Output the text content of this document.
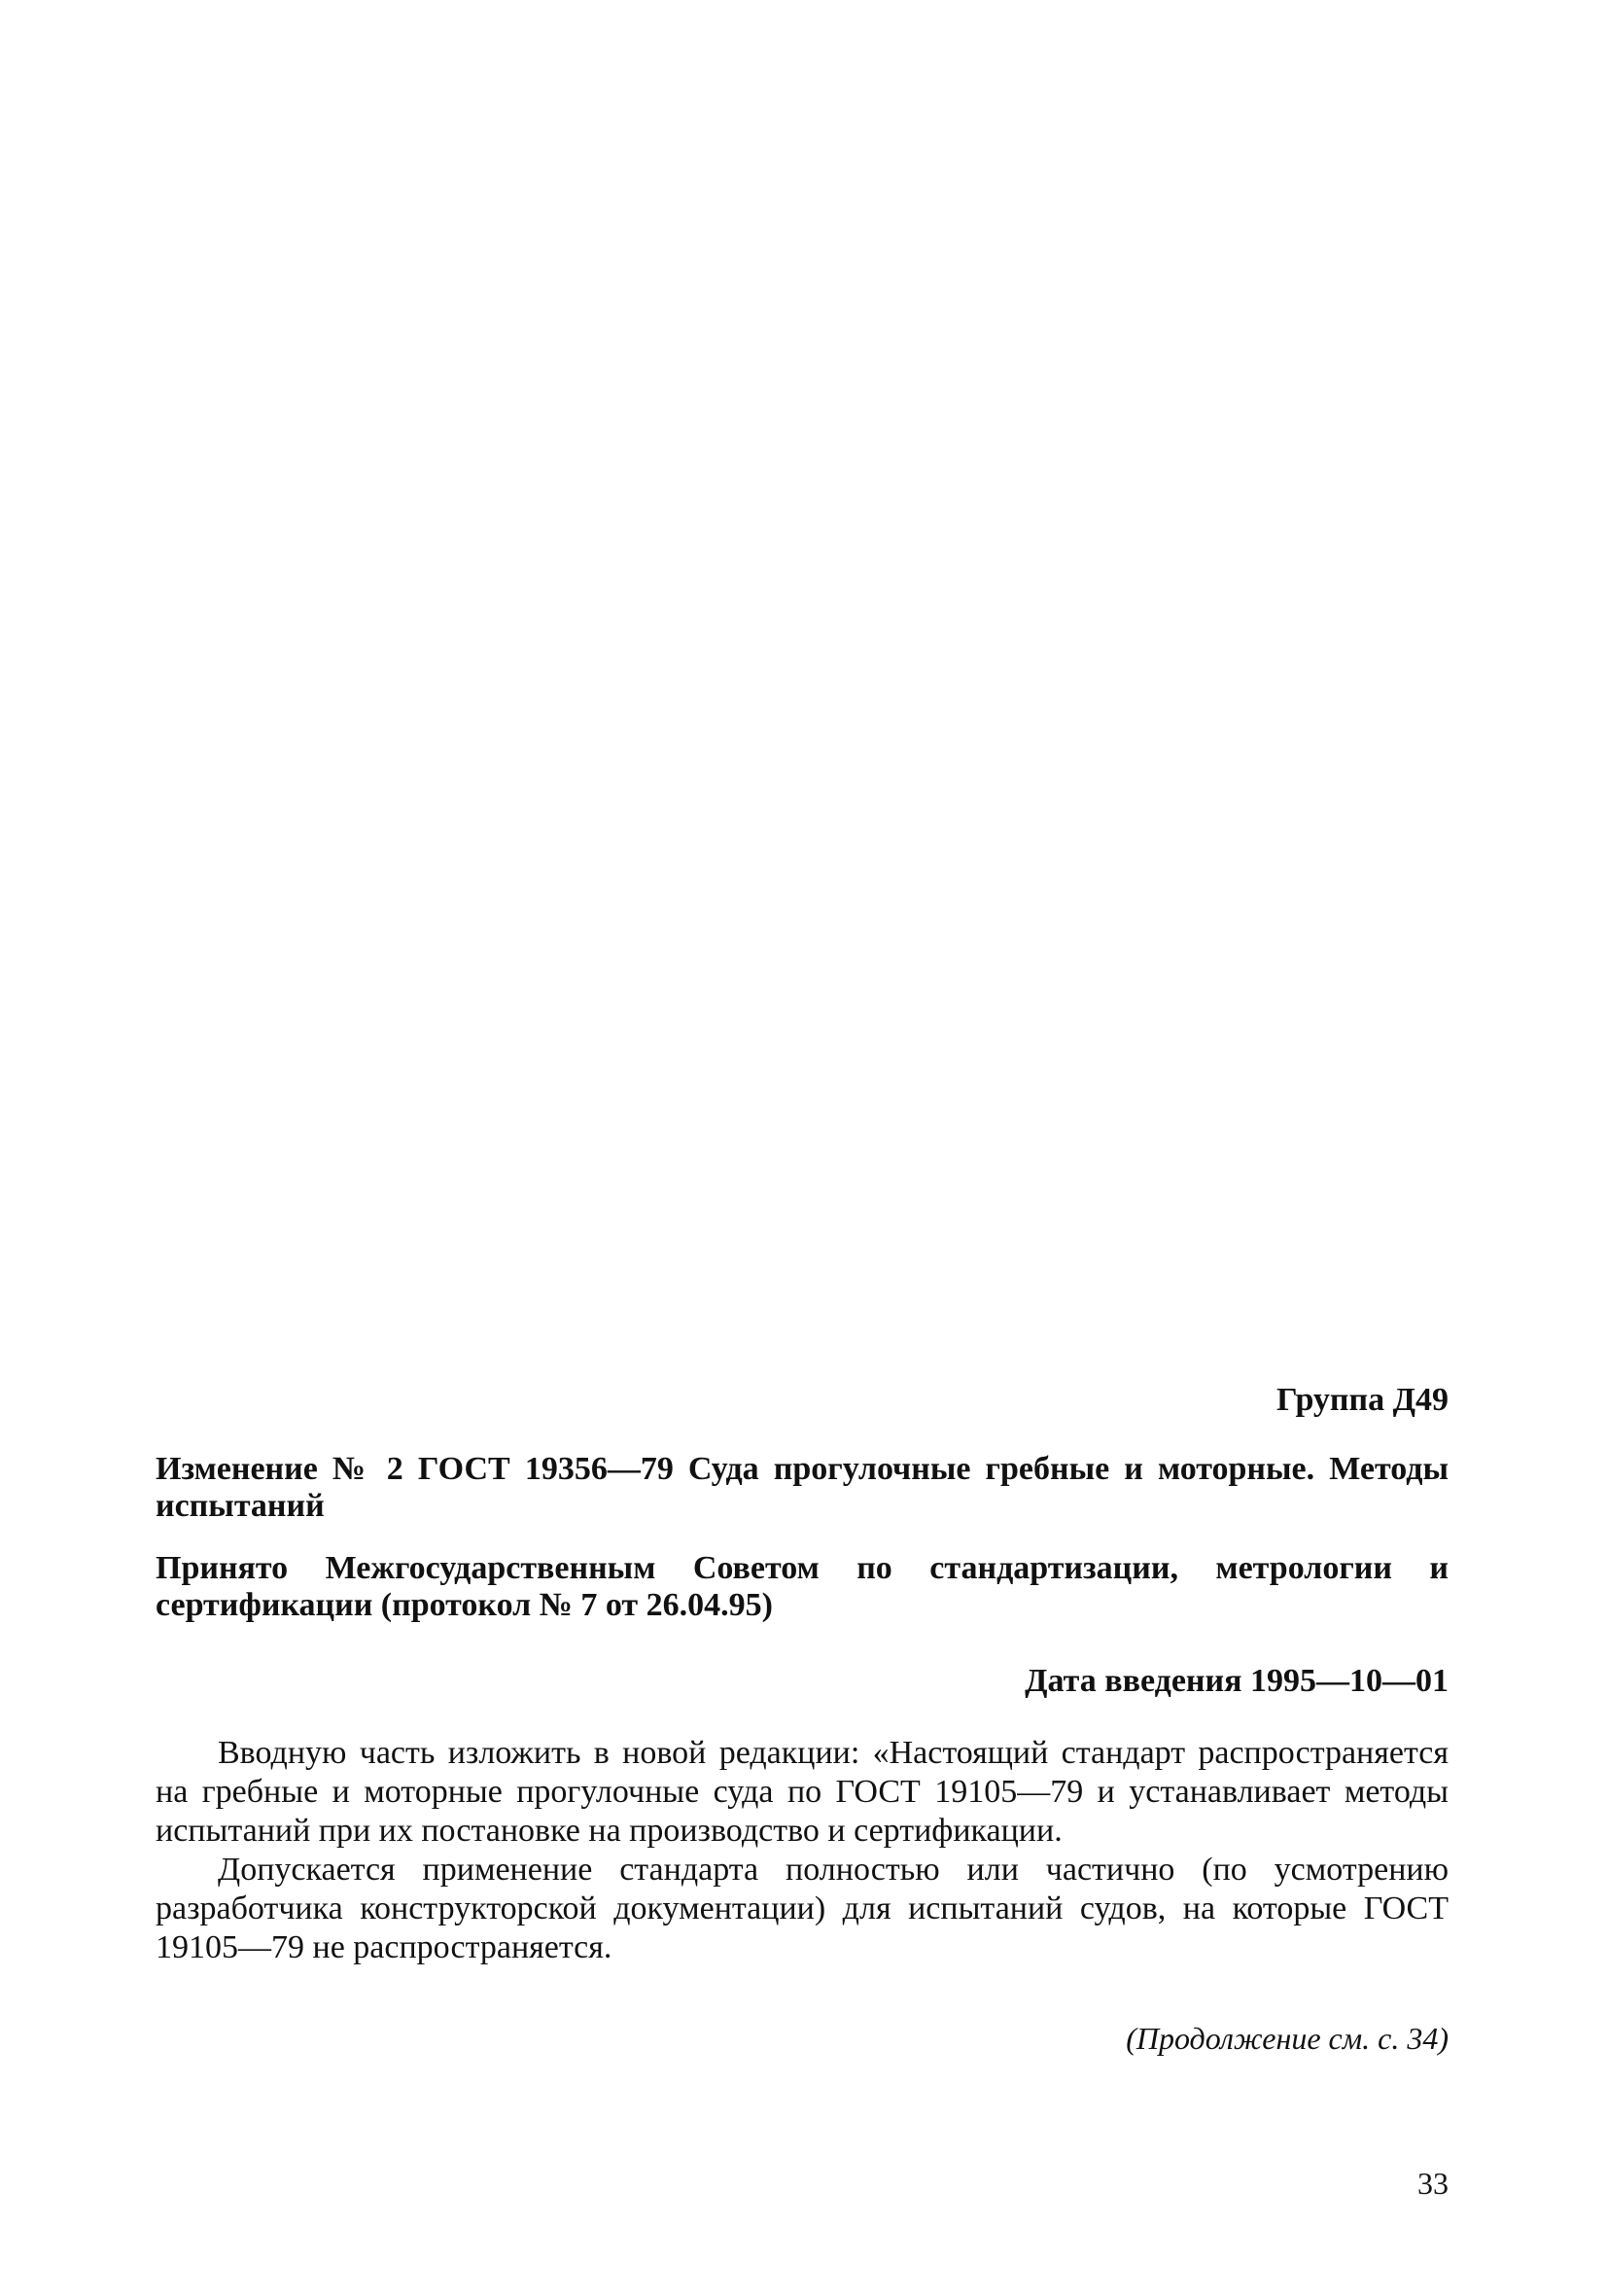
Группа Д49

Изменение № 2 ГОСТ 19356—79 Суда прогулочные гребные и моторные. Методы испытаний

Принято Межгосударственным Советом по стандартизации, метрологии и сертификации (протокол № 7 от 26.04.95)

Дата введения 1995—10—01

Вводную часть изложить в новой редакции: «Настоящий стандарт распространяется на гребные и моторные прогулочные суда по ГОСТ 19105—79 и устанавливает методы испытаний при их постановке на производство и сертификации.

Допускается применение стандарта полностью или частично (по усмотрению разработчика конструкторской документации) для испытаний судов, на которые ГОСТ 19105—79 не распространяется.

(Продолжение см. с. 34)
33
